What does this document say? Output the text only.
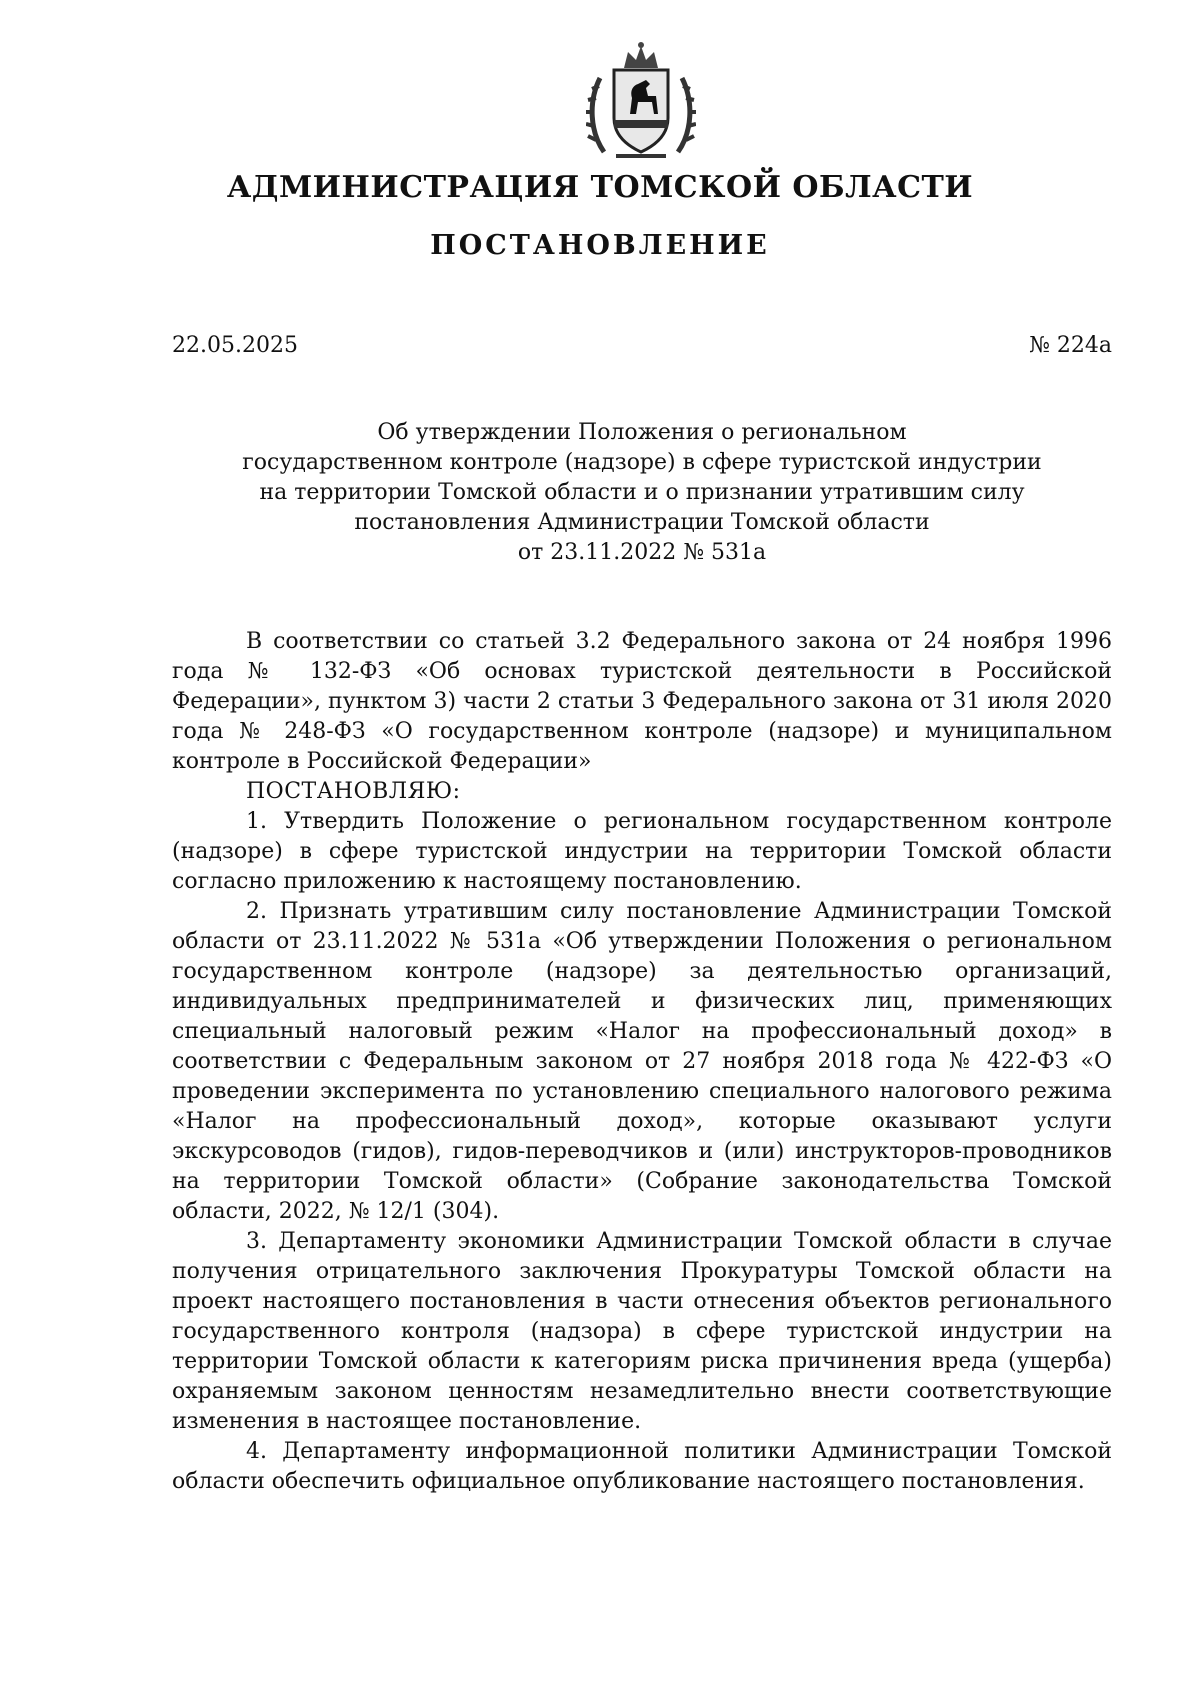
АДМИНИСТРАЦИЯ ТОМСКОЙ ОБЛАСТИ
ПОСТАНОВЛЕНИЕ
22.05.2025	№ 224а
Об утверждении Положения о региональном
государственном контроле (надзоре) в сфере туристской индустрии
на территории Томской области и о признании утратившим силу
постановления Администрации Томской области
от 23.11.2022 № 531а

В соответствии со статьей 3.2 Федерального закона от 24 ноября 1996 года № 132-ФЗ «Об основах туристской деятельности в Российской Федерации», пунктом 3) части 2 статьи 3 Федерального закона от 31 июля 2020 года № 248-ФЗ «О государственном контроле (надзоре) и муниципальном контроле в Российской Федерации»

ПОСТАНОВЛЯЮ:

1. Утвердить Положение о региональном государственном контроле (надзоре) в сфере туристской индустрии на территории Томской области согласно приложению к настоящему постановлению.

2. Признать утратившим силу постановление Администрации Томской области от 23.11.2022 № 531а «Об утверждении Положения о региональном государственном контроле (надзоре) за деятельностью организаций, индивидуальных предпринимателей и физических лиц, применяющих специальный налоговый режим «Налог на профессиональный доход» в соответствии с Федеральным законом от 27 ноября 2018 года № 422-ФЗ «О проведении эксперимента по установлению специального налогового режима «Налог на профессиональный доход», которые оказывают услуги экскурсоводов (гидов), гидов-переводчиков и (или) инструкторов-проводников на территории Томской области» (Собрание законодательства Томской области, 2022, № 12/1 (304).

3. Департаменту экономики Администрации Томской области в случае получения отрицательного заключения Прокуратуры Томской области на проект настоящего постановления в части отнесения объектов регионального государственного контроля (надзора) в сфере туристской индустрии на территории Томской области к категориям риска причинения вреда (ущерба) охраняемым законом ценностям незамедлительно внести соответствующие изменения в настоящее постановление.

4. Департаменту информационной политики Администрации Томской области обеспечить официальное опубликование настоящего постановления.
